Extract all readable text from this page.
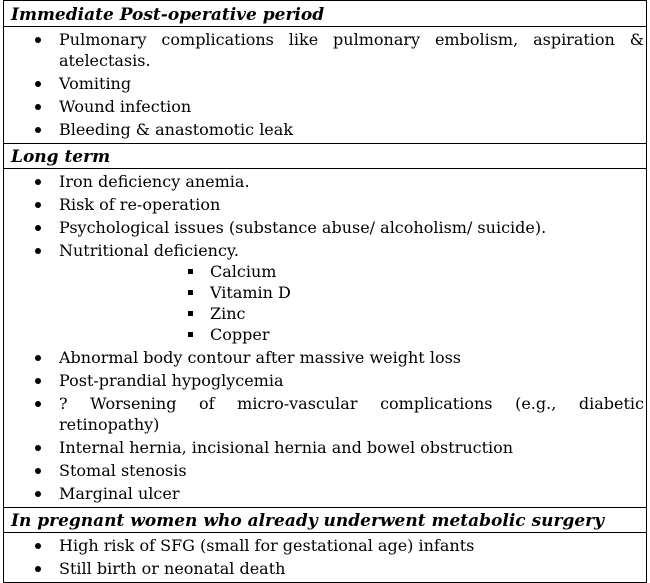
Immediate Post-operative period
Pulmonary complications like pulmonary embolism, aspiration & atelectasis.
Vomiting
Wound infection
Bleeding & anastomotic leak
Long term
Iron deficiency anemia.
Risk of re-operation
Psychological issues (substance abuse/ alcoholism/ suicide).
Nutritional deficiency.
Calcium
Vitamin D
Zinc
Copper
Abnormal body contour after massive weight loss
Post-prandial hypoglycemia
? Worsening of micro-vascular complications (e.g., diabetic retinopathy)
Internal hernia, incisional hernia and bowel obstruction
Stomal stenosis
Marginal ulcer
In pregnant women who already underwent metabolic surgery
High risk of SFG (small for gestational age) infants
Still birth or neonatal death
